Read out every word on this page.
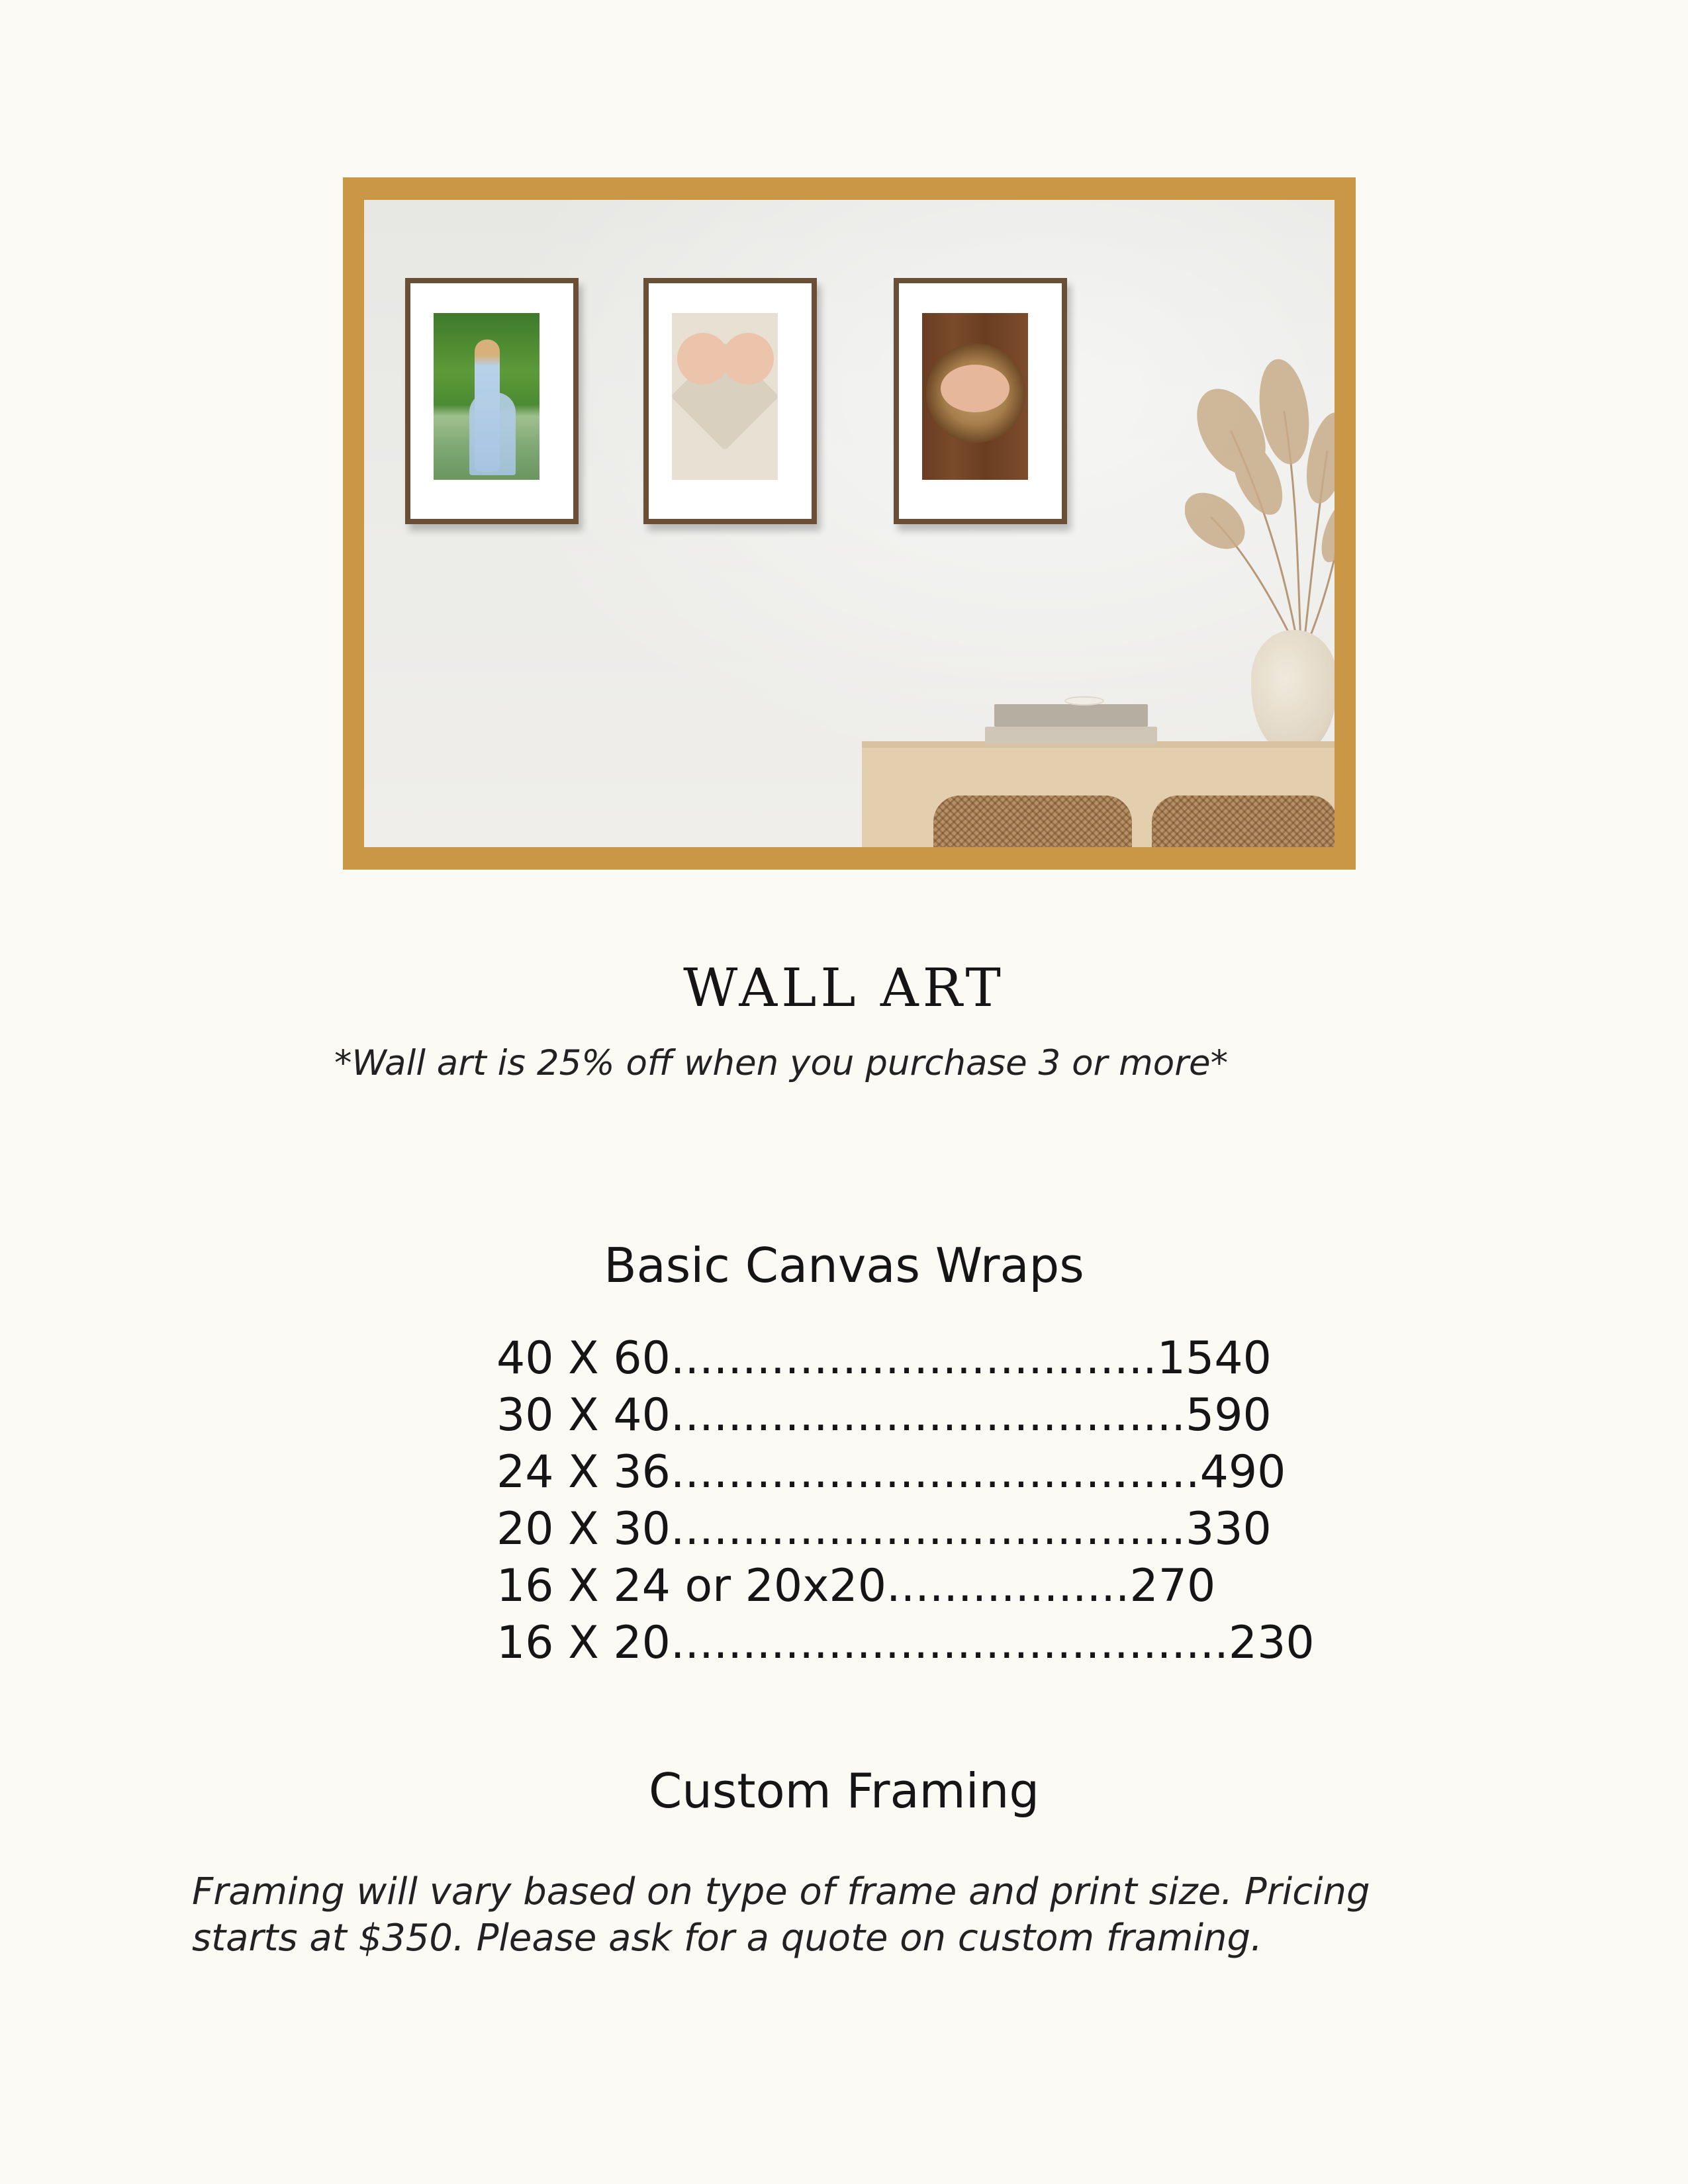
WALL ART
*Wall art is 25% off when you purchase 3 or more*
Basic Canvas Wraps
40 X 60..................................1540
30 X 40....................................590
24 X 36.....................................490
20 X 30....................................330
16 X 24 or 20x20.................270
16 X 20.......................................230
Custom Framing
Framing will vary based on type of frame and print size. Pricing
starts at $350. Please ask for a quote on custom framing.
